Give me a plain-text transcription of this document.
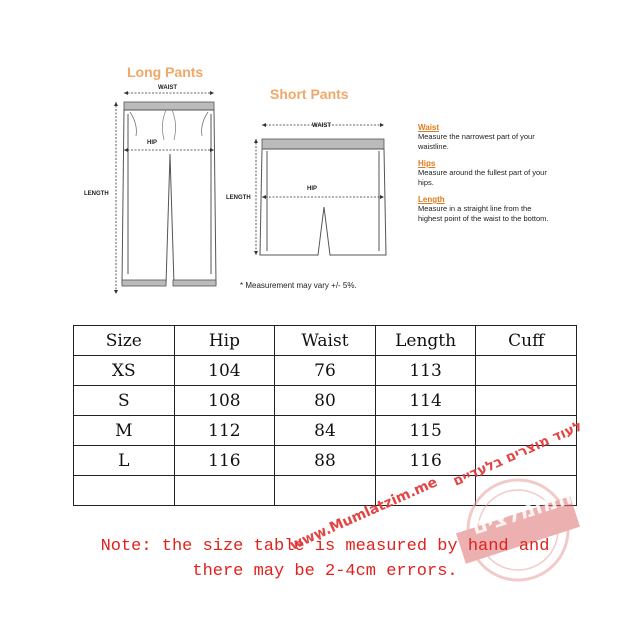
Long Pants
Short Pants
WAIST
HIP
LENGTH
WAIST
HIP
LENGTH
* Measurement may vary +/- 5%.
Waist
Measure the narrowest part of your
waistline.
Hips
Measure around the fullest part of your
hips.
Length
Measure in a straight line from the
highest point of the waist to the bottom.
Size	Hip	Waist	Length	Cuff
XS	104	76	113	
S	108	80	114	
M	112	84	115	
L	116	88	116	

המומלצים
Note: the size table is measured by hand and
there may be 2-4cm errors.
לעוד מוצרים בלעדיים
www.Mumlatzim.me
